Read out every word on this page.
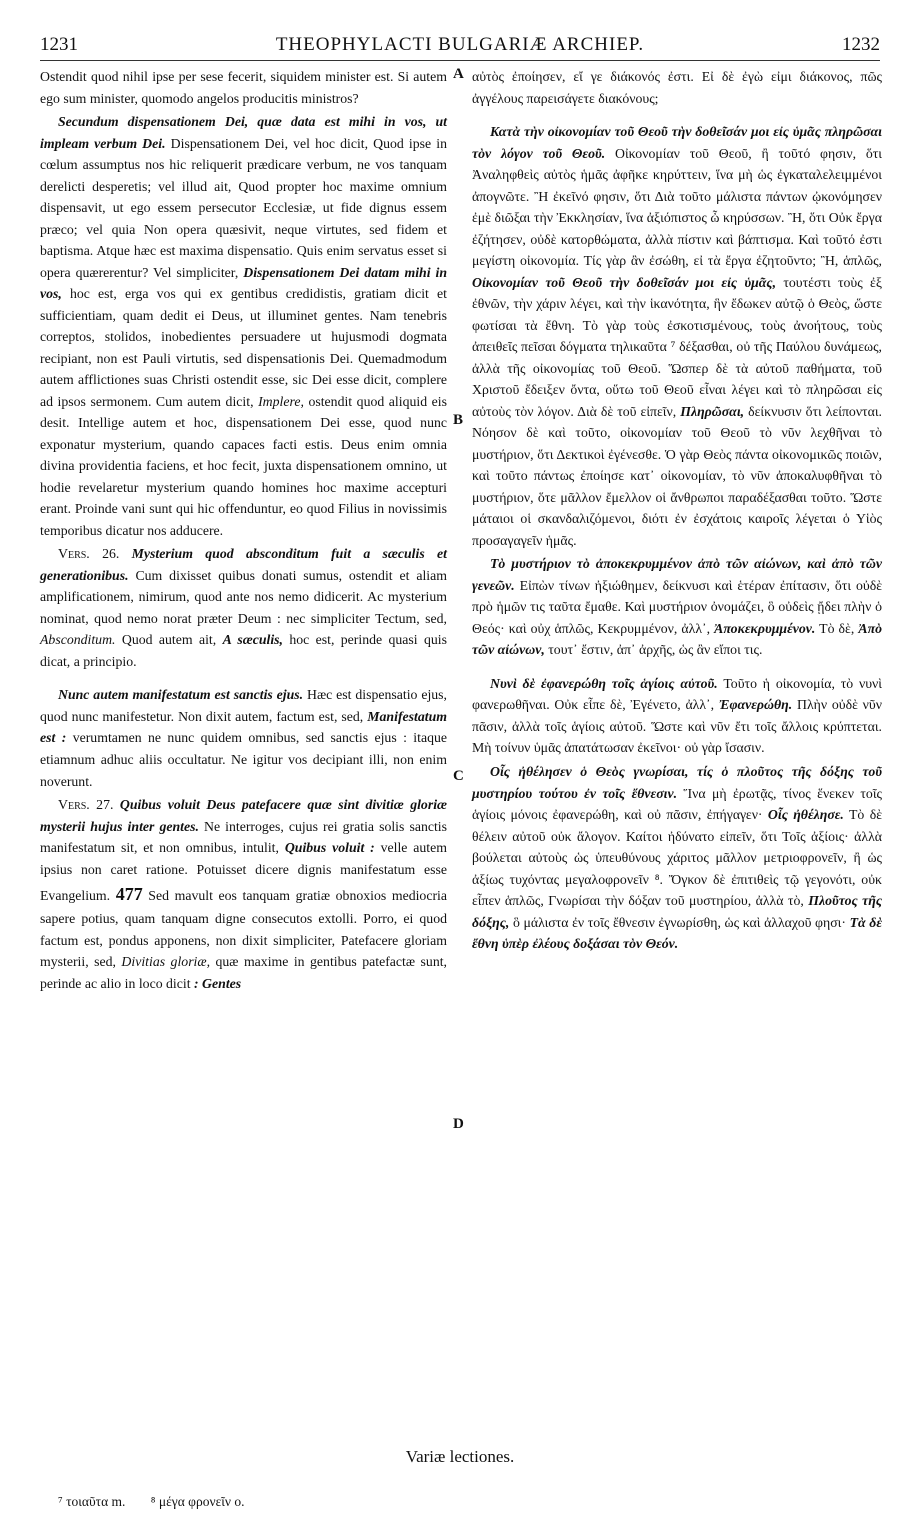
1231	THEOPHYLACTI BULGARIÆ ARCHIEP.	1232
A
B
C
D

Ostendit quod nihil ipse per sese fecerit, siquidem minister est. Si autem ego sum minister, quomodo angelos producitis ministros?

Secundum dispensationem Dei, quæ data est mihi in vos, ut impleam verbum Dei. Dispensationem Dei, vel hoc dicit, Quod ipse in cœlum assumptus nos hic reliquerit prædicare verbum, ne vos tanquam derelicti desperetis; vel illud ait, Quod propter hoc maxime omnium dispensavit, ut ego essem persecutor Ecclesiæ, ut fide dignus essem præco; vel quia Non opera quæsivit, neque virtutes, sed fidem et baptisma. Atque hæc est maxima dispensatio. Quis enim servatus esset si opera quærerentur? Vel simpliciter, Dispensationem Dei datam mihi in vos, hoc est, erga vos qui ex gentibus credidistis, gratiam dicit et sufficientiam, quam dedit ei Deus, ut illuminet gentes. Nam tenebris correptos, stolidos, inobedientes persuadere ut hujusmodi dogmata recipiant, non est Pauli virtutis, sed dispensationis Dei. Quemadmodum autem afflictiones suas Christi ostendit esse, sic Dei esse dicit, complere ad ipsos sermonem. Cum autem dicit, Implere, ostendit quod aliquid eis desit. Intellige autem et hoc, dispensationem Dei esse, quod nunc exponatur mysterium, quando capaces facti estis. Deus enim omnia divina providentia faciens, et hoc fecit, juxta dispensationem omnino, ut hodie revelaretur mysterium quando homines hoc maxime accepturi erant. Proinde vani sunt qui hic offenduntur, eo quod Filius in novissimis temporibus dicatur nos adducere.

Vers. 26. Mysterium quod absconditum fuit a sæculis et generationibus. Cum dixisset quibus donati sumus, ostendit et aliam amplificationem, nimirum, quod ante nos nemo didicerit. Ac mysterium nominat, quod nemo norat præter Deum : nec simpliciter Tectum, sed, Absconditum. Quod autem ait, A sæculis, hoc est, perinde quasi quis dicat, a principio.

Nunc autem manifestatum est sanctis ejus. Hæc est dispensatio ejus, quod nunc manifestetur. Non dixit autem, factum est, sed, Manifestatum est : verumtamen ne nunc quidem omnibus, sed sanctis ejus : itaque etiamnum adhuc aliis occultatur. Ne igitur vos decipiant illi, non enim noverunt.

Vers. 27. Quibus voluit Deus patefacere quæ sint divitiæ gloriæ mysterii hujus inter gentes. Ne interroges, cujus rei gratia solis sanctis manifestatum sit, et non omnibus, intulit, Quibus voluit : velle autem ipsius non caret ratione. Potuisset dicere dignis manifestatum esse Evangelium. 477 Sed mavult eos tanquam gratiæ obnoxios mediocria sapere potius, quam tanquam digne consecutos extolli. Porro, ei quod factum est, pondus apponens, non dixit simpliciter, Patefacere gloriam mysterii, sed, Divitias gloriæ, quæ maxime in gentibus patefactæ sunt, perinde ac alio in loco dicit : Gentes

αὐτὸς ἐποίησεν, εἴ γε διάκονός ἐστι. Εἰ δὲ ἐγὼ εἰμι διάκονος, πῶς ἀγγέλους παρεισάγετε διακόνους;

Κατὰ τὴν οἰκονομίαν τοῦ Θεοῦ τὴν δοθεῖσάν μοι εἰς ὑμᾶς πληρῶσαι τὸν λόγον τοῦ Θεοῦ. Οἰκονομίαν τοῦ Θεοῦ, ἢ τοῦτό φησιν, ὅτι Ἀναληφθεὶς αὐτὸς ἡμᾶς ἀφῆκε κηρύττειν, ἵνα μὴ ὡς ἐγκαταλελειμμένοι ἀπογνῶτε. Ἢ ἐκεῖνό φησιν, ὅτι Διὰ τοῦτο μάλιστα πάντων ᾠκονόμησεν ἐμὲ διῶξαι τὴν Ἐκκλησίαν, ἵνα ἀξιόπιστος ὦ κηρύσσων. Ἢ, ὅτι Οὐκ ἔργα ἐζήτησεν, οὐδὲ κατορθώματα, ἀλλὰ πίστιν καὶ βάπτισμα. Καὶ τοῦτό ἐστι μεγίστη οἰκονομία. Τίς γὰρ ἂν ἐσώθη, εἰ τὰ ἔργα ἐζητοῦντο; Ἢ, ἁπλῶς, Οἰκονομίαν τοῦ Θεοῦ τὴν δοθεῖσάν μοι εἰς ὑμᾶς, τουτέστι τοὺς ἐξ ἐθνῶν, τὴν χάριν λέγει, καὶ τὴν ἱκανότητα, ἣν ἔδωκεν αὐτῷ ὁ Θεὸς, ὥστε φωτίσαι τὰ ἔθνη. Τὸ γὰρ τοὺς ἐσκοτισμένους, τοὺς ἀνοήτους, τοὺς ἀπειθεῖς πεῖσαι δόγματα τηλικαῦτα ⁷ δέξασθαι, οὐ τῆς Παύλου δυνάμεως, ἀλλὰ τῆς οἰκονομίας τοῦ Θεοῦ. Ὥσπερ δὲ τὰ αὐτοῦ παθήματα, τοῦ Χριστοῦ ἔδειξεν ὄντα, οὕτω τοῦ Θεοῦ εἶναι λέγει καὶ τὸ πληρῶσαι εἰς αὐτοὺς τὸν λόγον. Διὰ δὲ τοῦ εἰπεῖν, Πληρῶσαι, δείκνυσιν ὅτι λείπονται. Νόησον δὲ καὶ τοῦτο, οἰκονομίαν τοῦ Θεοῦ τὸ νῦν λεχθῆναι τὸ μυστήριον, ὅτι Δεκτικοὶ ἐγένεσθε. Ὁ γὰρ Θεὸς πάντα οἰκονομικῶς ποιῶν, καὶ τοῦτο πάντως ἐποίησε κατ᾽ οἰκονομίαν, τὸ νῦν ἀποκαλυφθῆναι τὸ μυστήριον, ὅτε μᾶλλον ἔμελλον οἱ ἄνθρωποι παραδέξασθαι τοῦτο. Ὥστε μάταιοι οἱ σκανδαλιζόμενοι, διότι ἐν ἐσχάτοις καιροῖς λέγεται ὁ Υἱὸς προσαγαγεῖν ἡμᾶς.

Τὸ μυστήριον τὸ ἀποκεκρυμμένον ἀπὸ τῶν αἰώνων, καὶ ἀπὸ τῶν γενεῶν. Εἰπὼν τίνων ἠξιώθημεν, δείκνυσι καὶ ἑτέραν ἐπίτασιν, ὅτι οὐδὲ πρὸ ἡμῶν τις ταῦτα ἔμαθε. Καὶ μυστήριον ὀνομάζει, ὃ οὐδεὶς ᾔδει πλὴν ὁ Θεός· καὶ οὐχ ἁπλῶς, Κεκρυμμένον, ἀλλ᾽, Ἀποκεκρυμμένον. Τὸ δὲ, Ἀπὸ τῶν αἰώνων, τουτ᾽ ἔστιν, ἀπ᾽ ἀρχῆς, ὡς ἂν εἴποι τις.

Νυνὶ δὲ ἐφανερώθη τοῖς ἁγίοις αὐτοῦ. Τοῦτο ἡ οἰκονομία, τὸ νυνὶ φανερωθῆναι. Οὐκ εἶπε δὲ, Ἐγένετο, ἀλλ᾽, Ἐφανερώθη. Πλὴν οὐδὲ νῦν πᾶσιν, ἀλλὰ τοῖς ἁγίοις αὐτοῦ. Ὥστε καὶ νῦν ἔτι τοῖς ἄλλοις κρύπτεται. Μὴ τοίνυν ὑμᾶς ἀπατάτωσαν ἐκεῖνοι· οὐ γὰρ ἴσασιν.

Οἷς ἠθέλησεν ὁ Θεὸς γνωρίσαι, τίς ὁ πλοῦτος τῆς δόξης τοῦ μυστηρίου τούτου ἐν τοῖς ἔθνεσιν. Ἵνα μὴ ἐρωτᾷς, τίνος ἕνεκεν τοῖς ἁγίοις μόνοις ἐφανερώθη, καὶ οὐ πᾶσιν, ἐπήγαγεν· Οἷς ἠθέλησε. Τὸ δὲ θέλειν αὐτοῦ οὐκ ἄλογον. Καίτοι ἠδύνατο εἰπεῖν, ὅτι Τοῖς ἀξίοις· ἀλλὰ βούλεται αὐτοὺς ὡς ὑπευθύνους χάριτος μᾶλλον μετριοφρονεῖν, ἢ ὡς ἀξίως τυχόντας μεγαλοφρονεῖν ⁸. Ὄγκον δὲ ἐπιτιθεὶς τῷ γεγονότι, οὐκ εἶπεν ἁπλῶς, Γνωρίσαι τὴν δόξαν τοῦ μυστηρίου, ἀλλὰ τὸ, Πλοῦτος τῆς δόξης, ὃ μάλιστα ἐν τοῖς ἔθνεσιν ἐγνωρίσθη, ὡς καὶ ἀλλαχοῦ φησι· Τὰ δὲ ἔθνη ὑπὲρ ἐλέους δοξάσαι τὸν Θεόν.

Variæ lectiones.
⁷ τοιαῦτα m. ⁸ μέγα φρονεῖν ο.
